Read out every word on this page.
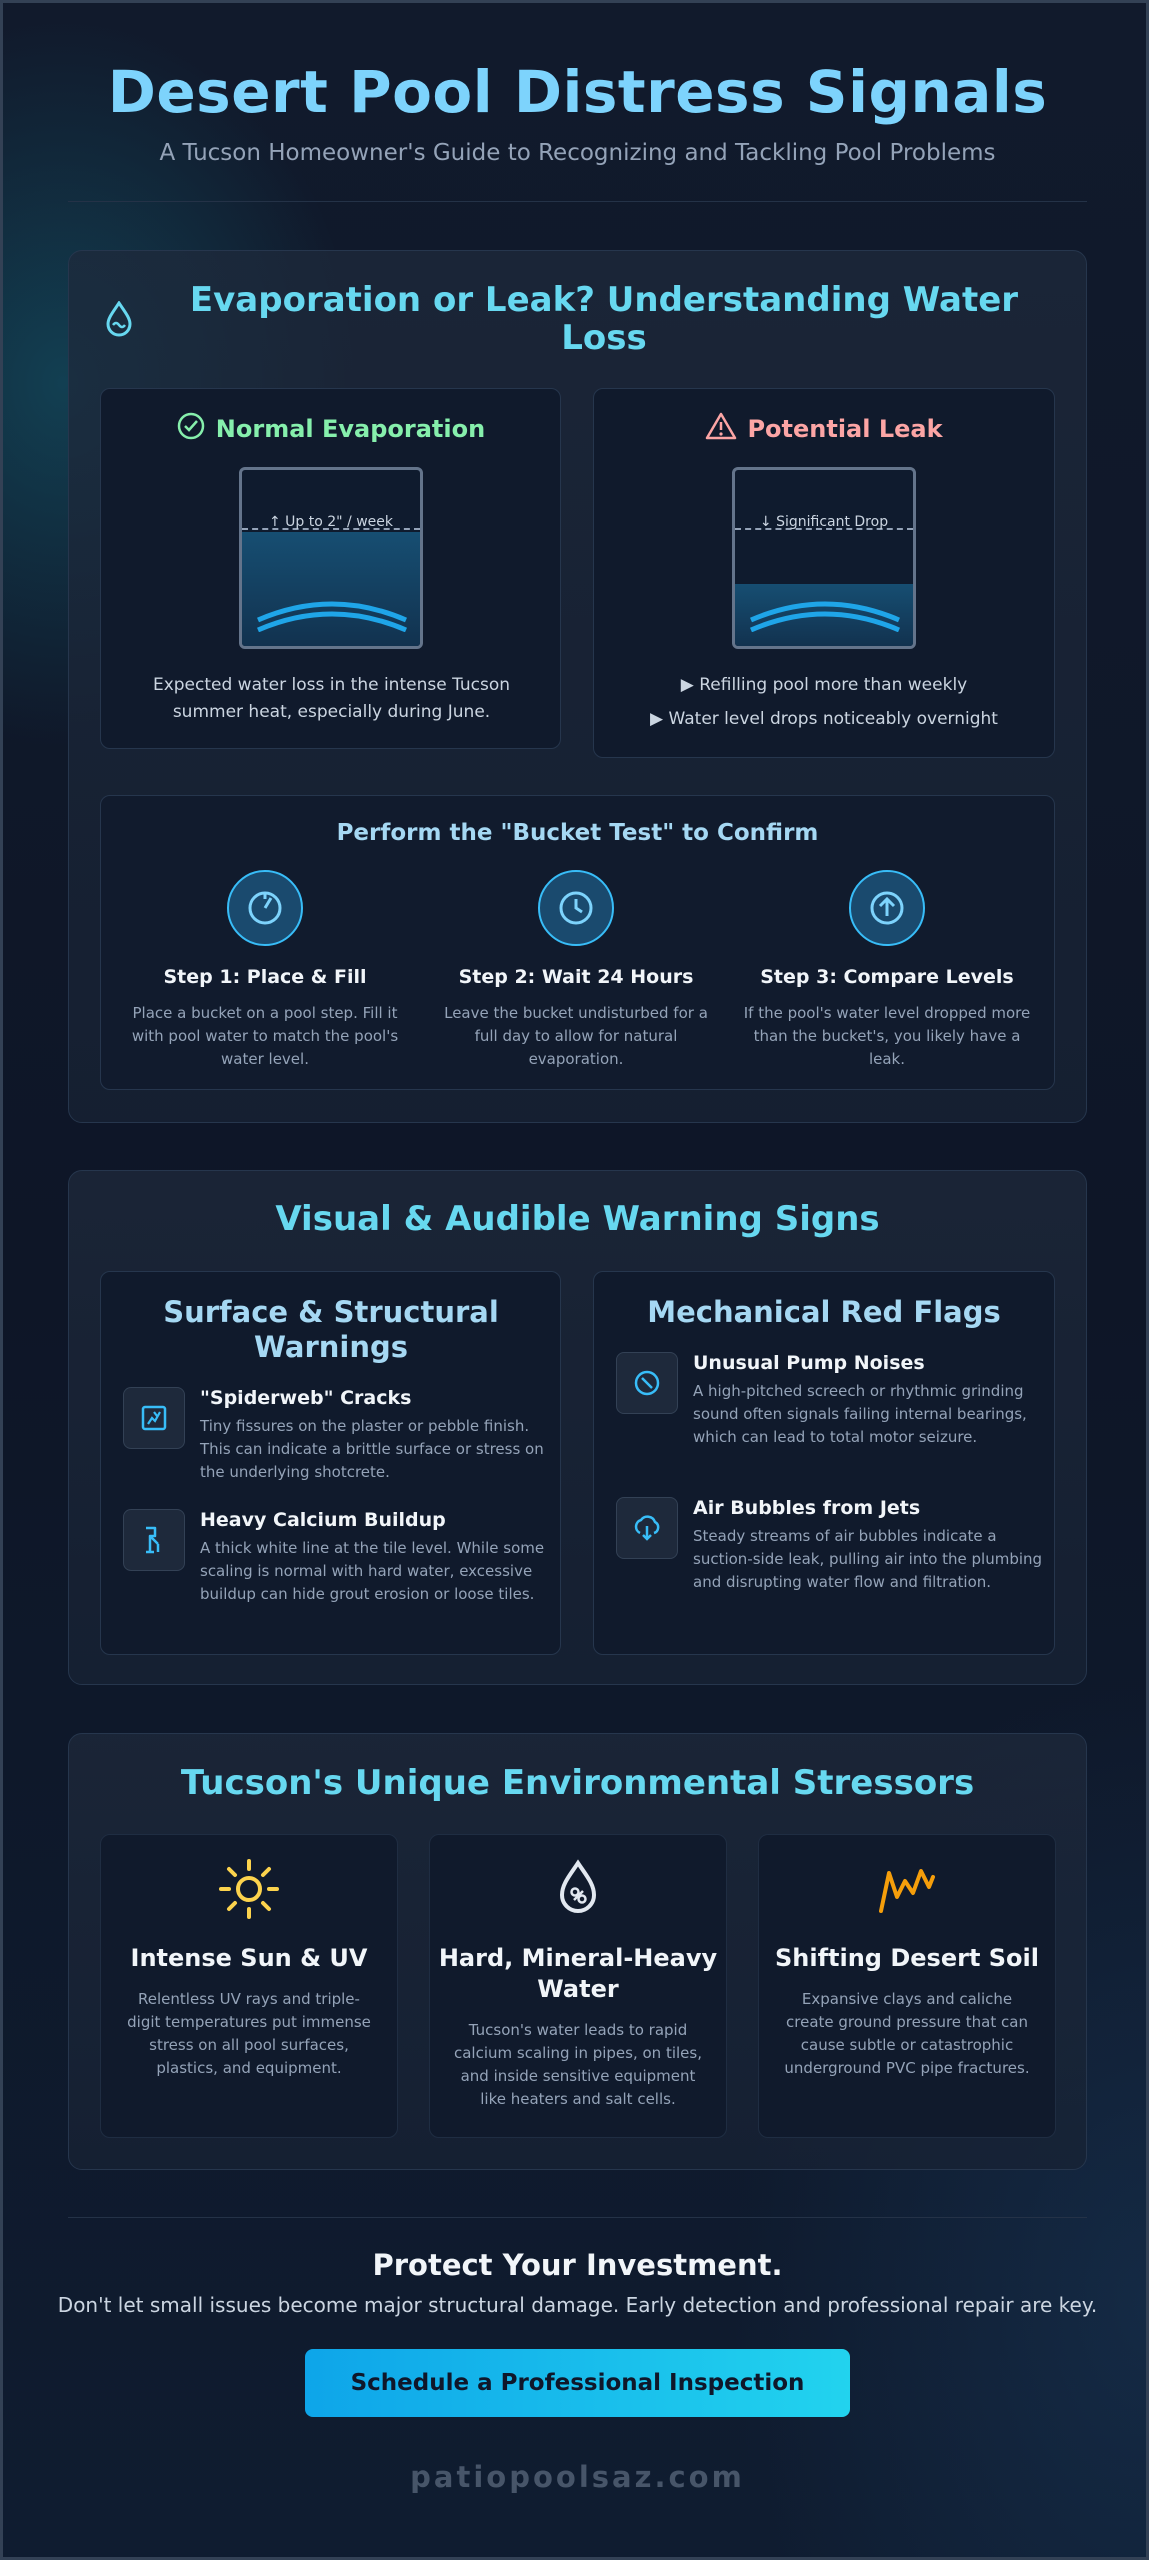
Desert Pool Distress Signals
A Tucson Homeowner's Guide to Recognizing and Tackling Pool Problems
Evaporation or Leak? Understanding Water Loss
Normal Evaporation
↑ Up to 2" / week
Expected water loss in the intense Tucson summer heat, especially during June.
Potential Leak
↓ Significant Drop
▶ Refilling pool more than weekly
▶ Water level drops noticeably overnight
Perform the "Bucket Test" to Confirm
Step 1: Place & Fill
Place a bucket on a pool step. Fill it with pool water to match the pool's water level.
Step 2: Wait 24 Hours
Leave the bucket undisturbed for a full day to allow for natural evaporation.
Step 3: Compare Levels
If the pool's water level dropped more than the bucket's, you likely have a leak.
Visual & Audible Warning Signs
Surface & Structural Warnings
"Spiderweb" Cracks
Tiny fissures on the plaster or pebble finish. This can indicate a brittle surface or stress on the underlying shotcrete.
Heavy Calcium Buildup
A thick white line at the tile level. While some scaling is normal with hard water, excessive buildup can hide grout erosion or loose tiles.
Mechanical Red Flags
Unusual Pump Noises
A high-pitched screech or rhythmic grinding sound often signals failing internal bearings, which can lead to total motor seizure.
Air Bubbles from Jets
Steady streams of air bubbles indicate a suction-side leak, pulling air into the plumbing and disrupting water flow and filtration.
Tucson's Unique Environmental Stressors
Intense Sun & UV
Relentless UV rays and triple-digit temperatures put immense stress on all pool surfaces, plastics, and equipment.
Hard, Mineral-Heavy Water
Tucson's water leads to rapid calcium scaling in pipes, on tiles, and inside sensitive equipment like heaters and salt cells.
Shifting Desert Soil
Expansive clays and caliche create ground pressure that can cause subtle or catastrophic underground PVC pipe fractures.
Protect Your Investment.
Don't let small issues become major structural damage. Early detection and professional repair are key.
Schedule a Professional Inspection
patiopoolsaz.com
